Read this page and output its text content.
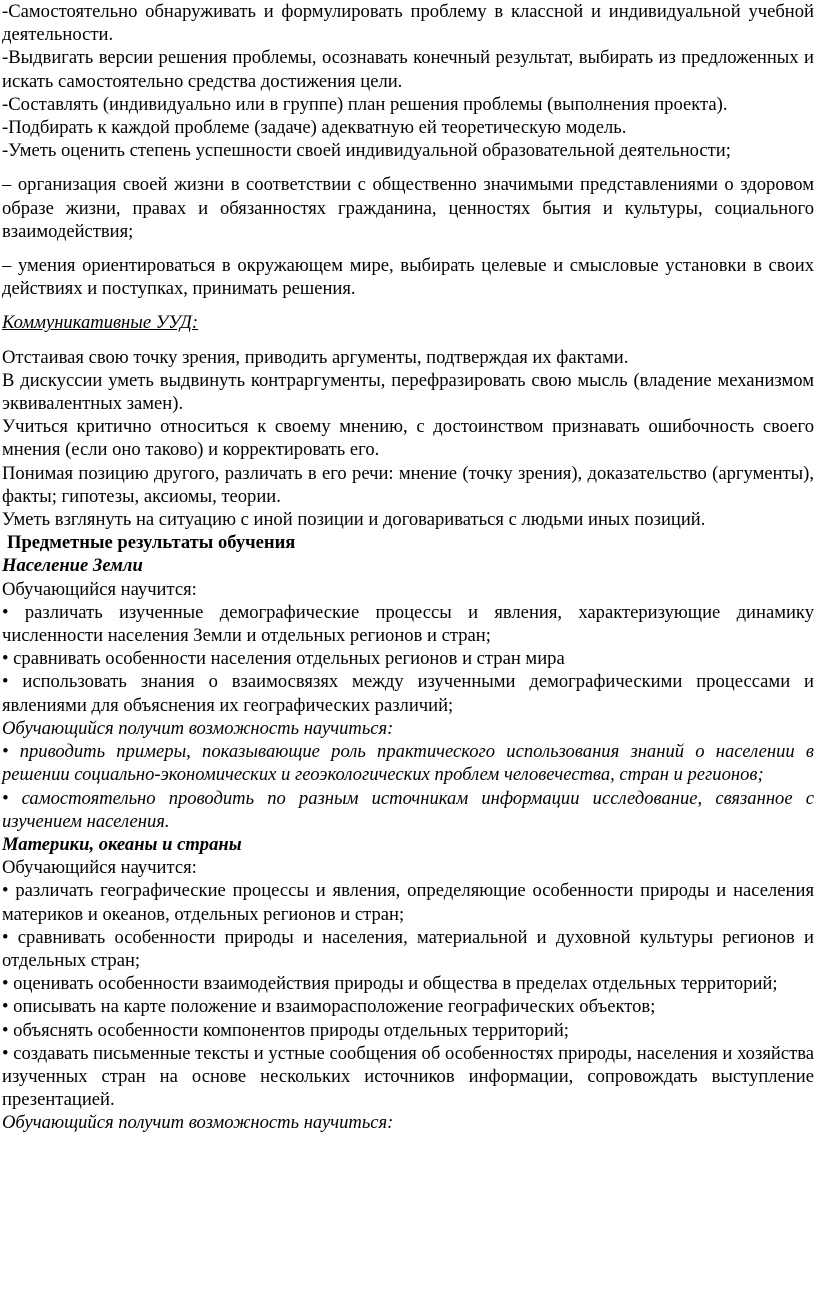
-Самостоятельно обнаруживать и формулировать проблему в классной и индивидуальной учебной деятельности.

-Выдвигать версии решения проблемы, осознавать конечный результат, выбирать из предложенных и искать самостоятельно средства достижения цели.

-Составлять (индивидуально или в группе) план решения проблемы (выполнения проекта).

-Подбирать к каждой проблеме (задаче) адекватную ей теоретическую модель.

-Уметь оценить степень успешности своей индивидуальной образовательной деятельности;

– организация своей жизни в соответствии с общественно значимыми представлениями о здоровом образе жизни, правах и обязанностях гражданина, ценностях бытия и культуры, социального взаимодействия;

– умения ориентироваться в окружающем мире, выбирать целевые и смысловые установки в своих действиях и поступках, принимать решения.

Коммуникативные УУД:

Отстаивая свою точку зрения, приводить аргументы, подтверждая их фактами.

В дискуссии уметь выдвинуть контраргументы, перефразировать свою мысль (владение механизмом эквивалентных замен).

Учиться критично относиться к своему мнению, с достоинством признавать ошибочность своего мнения (если оно таково) и корректировать его.

Понимая позицию другого, различать в его речи: мнение (точку зрения), доказательство (аргументы), факты; гипотезы, аксиомы, теории.

Уметь взглянуть на ситуацию с иной позиции и договариваться с людьми иных позиций.

Предметные результаты обучения

Население Земли

Обучающийся научится:

• различать изученные демографические процессы и явления, характеризующие динамику численности населения Земли и отдельных регионов и стран;

• сравнивать особенности населения отдельных регионов и стран мира

• использовать знания о взаимосвязях между изученными демографическими процессами и явлениями для объяснения их географических различий;

Обучающийся получит возможность научиться:

• приводить примеры, показывающие роль практического использования знаний о населении в решении социально-экономических и геоэкологических проблем человечества, стран и регионов;

• самостоятельно проводить по разным источникам информации исследование, связанное с изучением населения.

Материки, океаны и страны

Обучающийся научится:

• различать географические процессы и явления, определяющие особенности природы и населения материков и океанов, отдельных регионов и стран;

• сравнивать особенности природы и населения, материальной и духовной культуры регионов и отдельных стран;

• оценивать особенности взаимодействия природы и общества в пределах отдельных территорий;

• описывать на карте положение и взаиморасположение географических объектов;

• объяснять особенности компонентов природы отдельных территорий;

• создавать письменные тексты и устные сообщения об особенностях природы, населения и хозяйства изученных стран на основе нескольких источников информации, сопровождать выступление презентацией.

Обучающийся получит возможность научиться:
